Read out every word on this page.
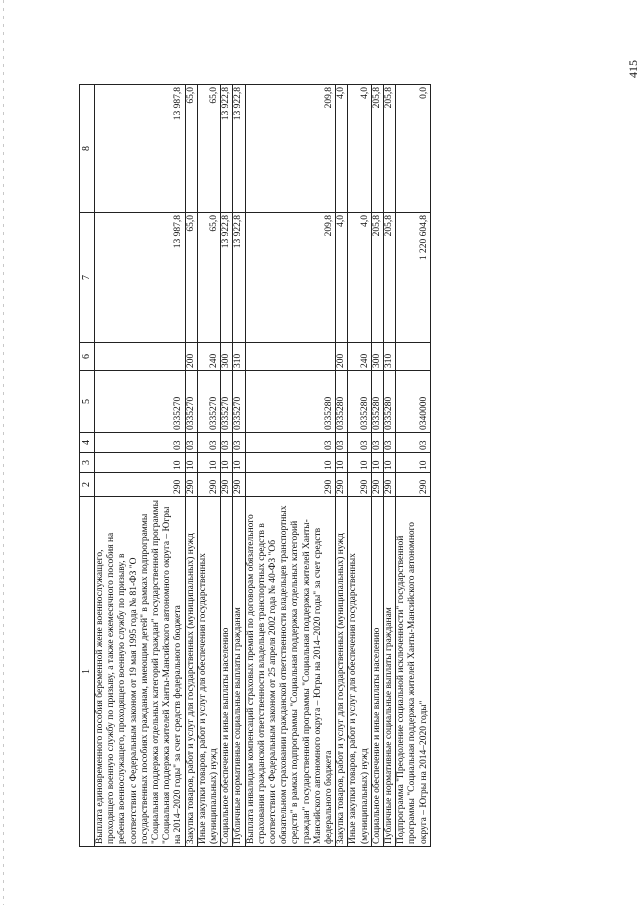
415
1	2	3	4	5	6	7	8
Выплата единовременного пособия беременной жене военнослужащего, проходящего военную службу по призыву, а также ежемесячного пособия на ребенка военнослужащего, проходящего военную службу по призыву, в соответствии с Федеральным законом от 19 мая 1995 года № 81-ФЗ "О государственных пособиях гражданам, имеющим детей" в рамках подпрограммы "Социальная поддержка отдельных категорий граждан" государственной программы "Социальная поддержка жителей Ханты-Мансийского автономного округа – Югры на 2014–2020 годы" за счет средств федерального бюджета	290	10	03	0335270		13 987,8	13 987,8
Закупка товаров, работ и услуг для государственных (муниципальных) нужд	290	10	03	0335270	200	65,0	65,0
Иные закупки товаров, работ и услуг для обеспечения государственных (муниципальных) нужд	290	10	03	0335270	240	65,0	65,0
Социальное обеспечение и иные выплаты населению	290	10	03	0335270	300	13 922,8	13 922,8
Публичные нормативные социальные выплаты гражданам	290	10	03	0335270	310	13 922,8	13 922,8
Выплата инвалидам компенсаций страховых премий по договорам обязательного страхования гражданской ответственности владельцев транспортных средств в соответствии с Федеральным законом от 25 апреля 2002 года № 40-ФЗ "Об обязательном страховании гражданской ответственности владельцев транспортных средств" в рамках подпрограммы "Социальная поддержка отдельных категорий граждан" государственной программы "Социальная поддержка жителей Ханты-Мансийского автономного округа – Югры на 2014–2020 годы" за счет средств федерального бюджета	290	10	03	0335280		209,8	209,8
Закупка товаров, работ и услуг для государственных (муниципальных) нужд	290	10	03	0335280	200	4,0	4,0
Иные закупки товаров, работ и услуг для обеспечения государственных (муниципальных) нужд	290	10	03	0335280	240	4,0	4,0
Социальное обеспечение и иные выплаты населению	290	10	03	0335280	300	205,8	205,8
Публичные нормативные социальные выплаты гражданам	290	10	03	0335280	310	205,8	205,8
Подпрограмма "Преодоление социальной исключенности" государственной программы "Социальная поддержка жителей Ханты-Мансийского автономного округа – Югры на 2014–2020 годы"	290	10	03	0340000		1 220 604,8	0,0
